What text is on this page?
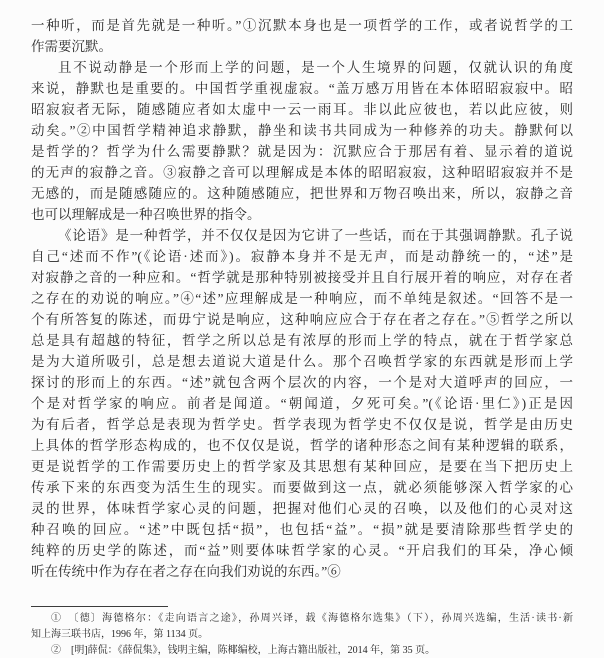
一种听，而是首先就是一种听。”①沉默本身也是一项哲学的工作，或者说哲学的工
作需要沉默。
且不说动静是一个形而上学的问题，是一个人生境界的问题，仅就认识的角度
来说，静默也是重要的。中国哲学重视虚寂。“盖万感万用皆在本体昭昭寂寂中。昭
昭寂寂者无际，随感随应者如太虚中一云一雨耳。非以此应彼也，若以此应彼，则
动矣。”②中国哲学精神追求静默，静坐和读书共同成为一种修养的功夫。静默何以
是哲学的？哲学为什么需要静默？就是因为：沉默应合于那居有着、显示着的道说
的无声的寂静之音。③寂静之音可以理解成是本体的昭昭寂寂，这种昭昭寂寂并不是
无感的，而是随感随应的。这种随感随应，把世界和万物召唤出来，所以，寂静之音
也可以理解成是一种召唤世界的指令。
《论语》是一种哲学，并不仅仅是因为它讲了一些话，而在于其强调静默。孔子说
自己“述而不作”(《论语·述而》)。寂静本身并不是无声，而是动静统一的，“述”是
对寂静之音的一种应和。“哲学就是那种特别被接受并且自行展开着的响应，对存在者
之存在的劝说的响应。”④“述”应理解成是一种响应，而不单纯是叙述。“回答不是一
个有所答复的陈述，而毋宁说是响应，这种响应应合于存在者之存在。”⑤哲学之所以
总是具有超越的特征，哲学之所以总是有浓厚的形而上学的特点，就在于哲学家总
是为大道所吸引，总是想去道说大道是什么。那个召唤哲学家的东西就是形而上学
探讨的形而上的东西。“述”就包含两个层次的内容，一个是对大道呼声的回应，一
个是对哲学家的响应。前者是闻道。“朝闻道，夕死可矣。”(《论语·里仁》)正是因
为有后者，哲学总是表现为哲学史。哲学表现为哲学史不仅仅是说，哲学是由历史
上具体的哲学形态构成的，也不仅仅是说，哲学的诸种形态之间有某种逻辑的联系，
更是说哲学的工作需要历史上的哲学家及其思想有某种回应，是要在当下把历史上
传承下来的东西变为活生生的现实。而要做到这一点，就必须能够深入哲学家的心
灵的世界，体味哲学家心灵的问题，把握对他们心灵的召唤，以及他们的心灵对这
种召唤的回应。“述”中既包括“损”，也包括“益”。“损”就是要清除那些哲学史的
纯粹的历史学的陈述，而“益”则要体味哲学家的心灵。“开启我们的耳朵，净心倾
听在传统中作为存在者之存在向我们劝说的东西。”⑥
①　〔德〕海德格尔：《走向语言之途》，孙周兴译，载《海德格尔选集》（下），孙周兴选编，生活·读书·新
知上海三联书店，1996 年，第 1134 页。
②　[明]薛侃：《薛侃集》，钱明主编，陈椰编校，上海古籍出版社，2014 年，第 35 页。
